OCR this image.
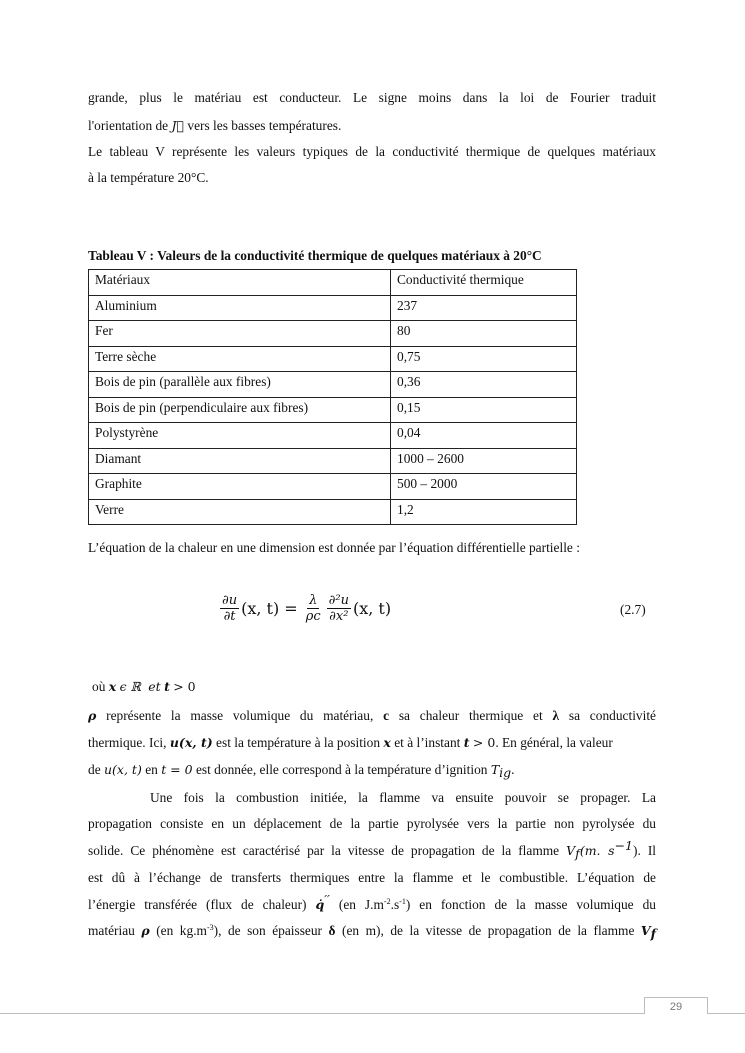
grande, plus le matériau est conducteur. Le signe moins dans la loi de Fourier traduit
l'orientation de J⃗ vers les basses températures.
Le tableau V représente les valeurs typiques de la conductivité thermique de quelques matériaux
à la température 20°C.
Tableau V : Valeurs de la conductivité thermique de quelques matériaux à 20°C
Matériaux	Conductivité thermique
Aluminium	237
Fer	80
Terre sèche	0,75
Bois de pin (parallèle aux fibres)	0,36
Bois de pin (perpendiculaire aux fibres)	0,15
Polystyrène	0,04
Diamant	1000 – 2600
Graphite	500 – 2000
Verre	1,2
L’équation de la chaleur en une dimension est donnée par l’équation différentielle partielle :
$\frac{\partial u}{\partial t} (x$, $t) = \frac{\lambda}{\rho c} \frac{\text{∂²u}}{\text{∂x²}} (x$, t)	(2.7)
où x ϵ ℝ et t > 0
ρ représente la masse volumique du matériau, c sa chaleur thermique et λ sa conductivité
thermique. Ici, u(x, t) est la température à la position x et à l’instant t > 0. En général, la valeur
de u(x, t) en t = 0 est donnée, elle correspond à la température d’ignition $T_{ig}$.
Une fois la combustion initiée, la flamme va ensuite pouvoir se propager. La
propagation consiste en un déplacement de la partie pyrolysée vers la partie non pyrolysée du
solide. Ce phénomène est caractérisé par la vitesse de propagation de la flamme $V_f(m$. $s^{-1}$). Il
est dû à l’échange de transferts thermiques entre la flamme et le combustible. L’équation de
l’énergie transférée (flux de chaleur) q̇′′ (en $J.m^{-2}.s^{-1}$) en fonction de la masse volumique du
matériau ρ (en $kg.m^{-3}$), de son épaisseur δ (en m), de la vitesse de propagation de la flamme $V_f$
29
